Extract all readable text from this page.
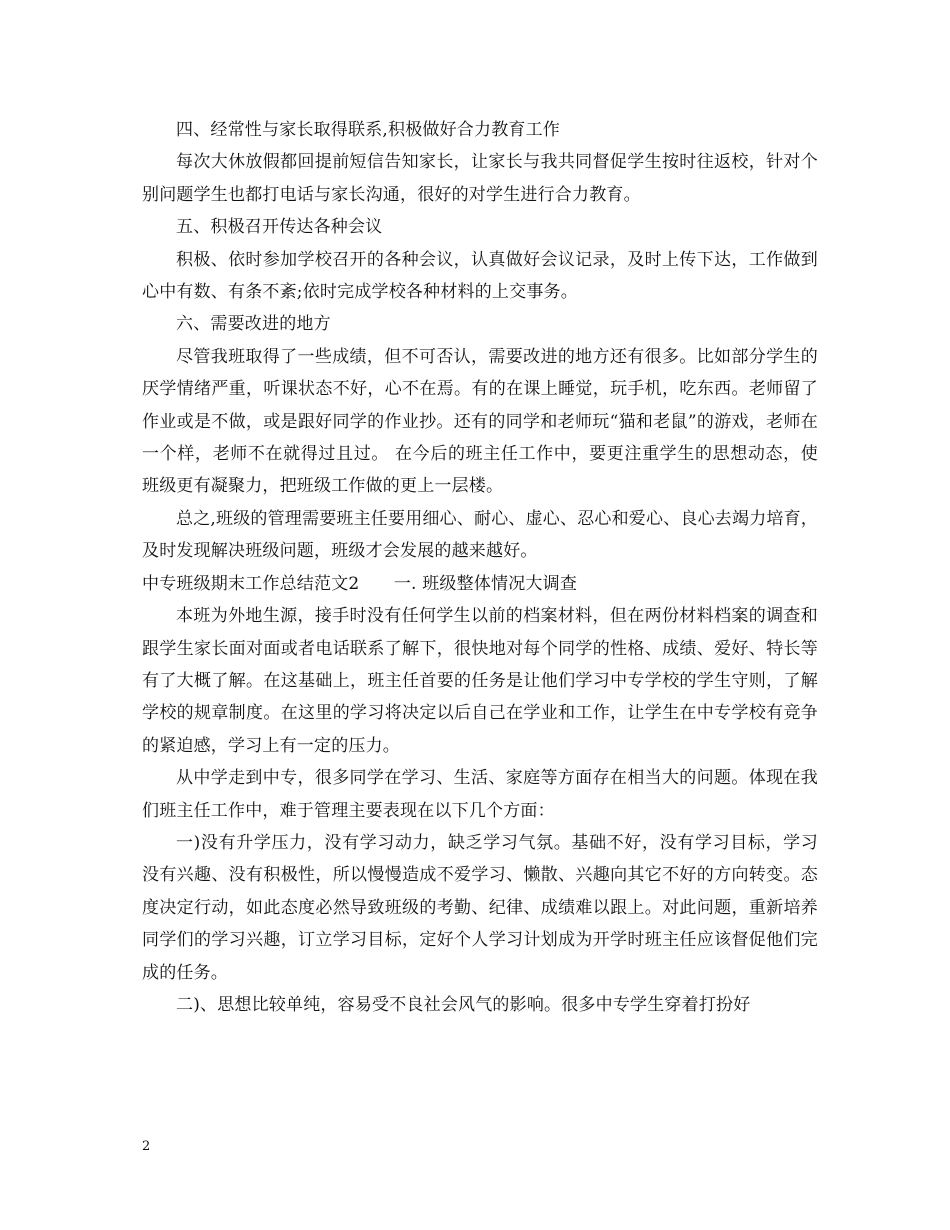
四、经常性与家长取得联系,积极做好合力教育工作

每次大休放假都回提前短信告知家长，让家长与我共同督促学生按时往返校，针对个别问题学生也都打电话与家长沟通，很好的对学生进行合力教育。

五、积极召开传达各种会议

积极、依时参加学校召开的各种会议，认真做好会议记录，及时上传下达，工作做到心中有数、有条不紊;依时完成学校各种材料的上交事务。

六、需要改进的地方

尽管我班取得了一些成绩，但不可否认，需要改进的地方还有很多。比如部分学生的厌学情绪严重，听课状态不好，心不在焉。有的在课上睡觉，玩手机，吃东西。老师留了作业或是不做，或是跟好同学的作业抄。还有的同学和老师玩“猫和老鼠”的游戏，老师在一个样，老师不在就得过且过。 在今后的班主任工作中，要更注重学生的思想动态，使班级更有凝聚力，把班级工作做的更上一层楼。

总之,班级的管理需要班主任要用细心、耐心、虚心、忍心和爱心、良心去竭力培育，及时发现解决班级问题，班级才会发展的越来越好。

中专班级期末工作总结范文2　　一. 班级整体情况大调查

本班为外地生源，接手时没有任何学生以前的档案材料，但在两份材料档案的调查和跟学生家长面对面或者电话联系了解下，很快地对每个同学的性格、成绩、爱好、特长等有了大概了解。在这基础上，班主任首要的任务是让他们学习中专学校的学生守则，了解学校的规章制度。在这里的学习将决定以后自己在学业和工作，让学生在中专学校有竞争的紧迫感，学习上有一定的压力。

从中学走到中专，很多同学在学习、生活、家庭等方面存在相当大的问题。体现在我们班主任工作中，难于管理主要表现在以下几个方面：

一)没有升学压力，没有学习动力，缺乏学习气氛。基础不好，没有学习目标，学习没有兴趣、没有积极性，所以慢慢造成不爱学习、懒散、兴趣向其它不好的方向转变。态度决定行动，如此态度必然导致班级的考勤、纪律、成绩难以跟上。对此问题，重新培养同学们的学习兴趣，订立学习目标，定好个人学习计划成为开学时班主任应该督促他们完成的任务。

二)、思想比较单纯，容易受不良社会风气的影响。很多中专学生穿着打扮好

2
